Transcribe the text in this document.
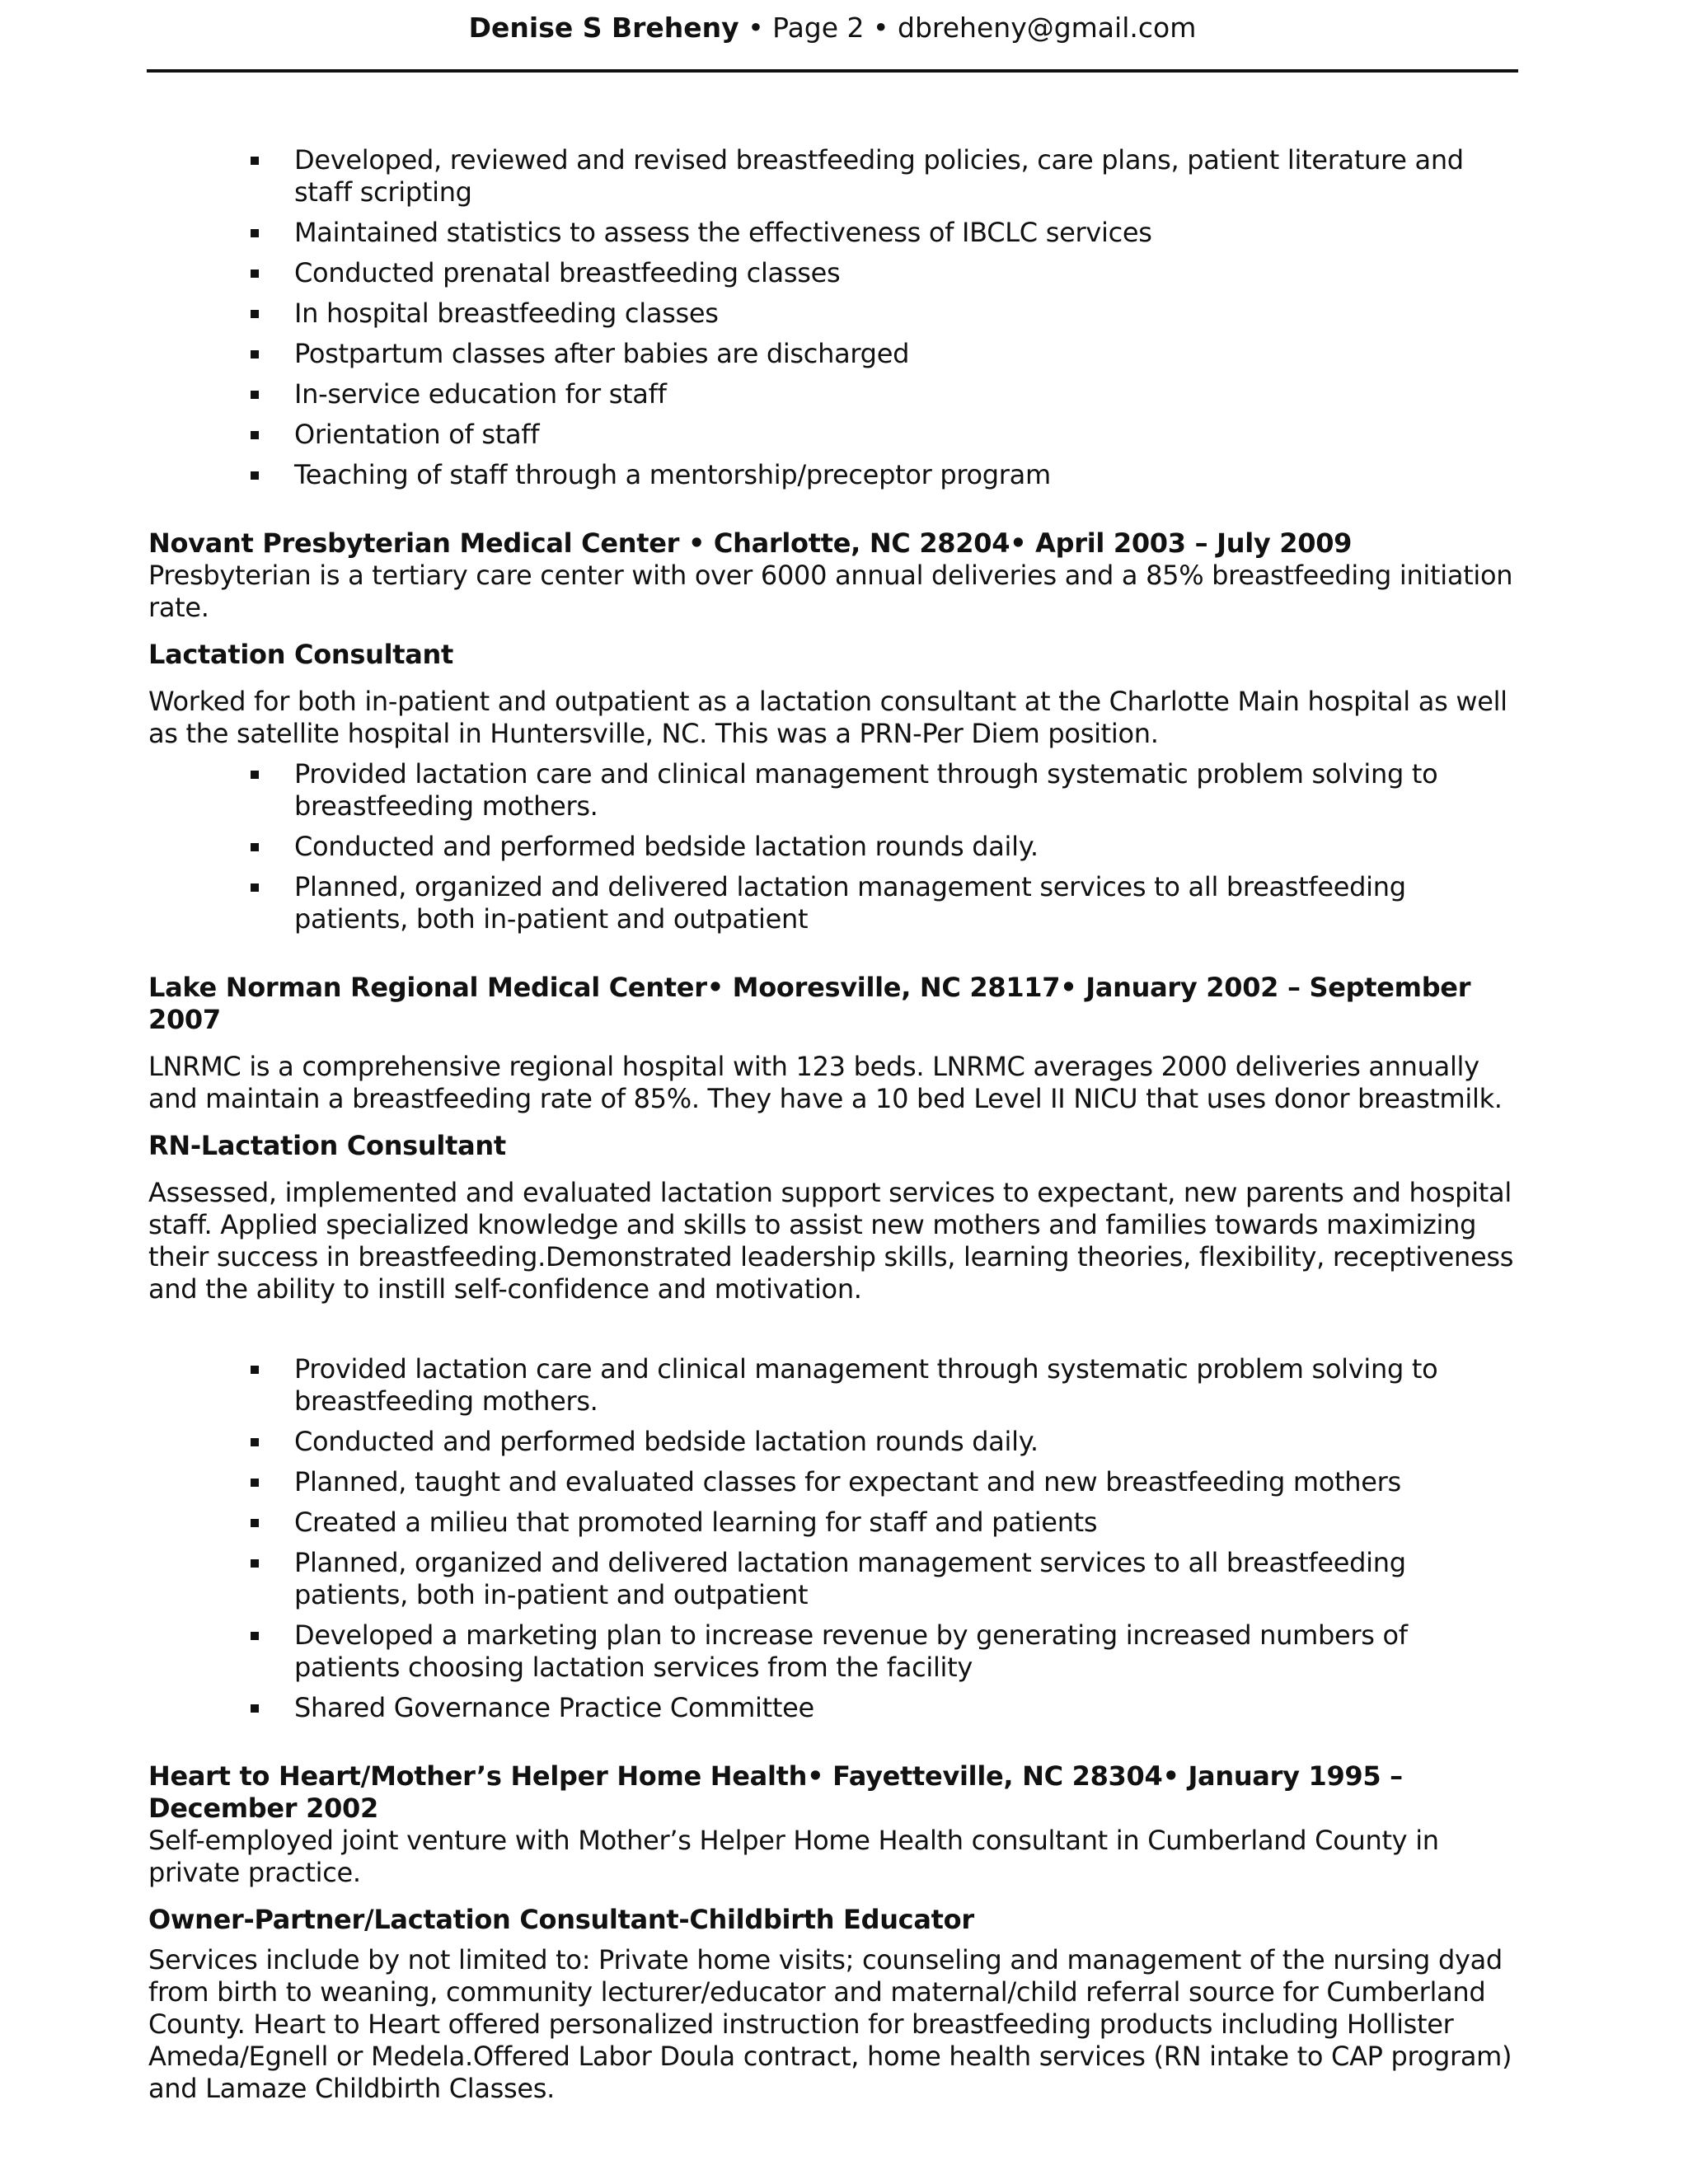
Denise S Breheny • Page 2 • dbreheny@gmail.com
Developed, reviewed and revised breastfeeding policies, care plans, patient literature and staff scripting
Maintained statistics to assess the effectiveness of IBCLC services
Conducted prenatal breastfeeding classes
In hospital breastfeeding classes
Postpartum classes after babies are discharged
In-service education for staff
Orientation of staff
Teaching of staff through a mentorship/preceptor program

Novant Presbyterian Medical Center • Charlotte, NC 28204• April 2003 – July 2009

Presbyterian is a tertiary care center with over 6000 annual deliveries and a 85% breastfeeding initiation rate.

Lactation Consultant

Worked for both in-patient and outpatient as a lactation consultant at the Charlotte Main hospital as well as the satellite hospital in Huntersville, NC. This was a PRN-Per Diem position.

Provided lactation care and clinical management through systematic problem solving to breastfeeding mothers.
Conducted and performed bedside lactation rounds daily.
Planned, organized and delivered lactation management services to all breastfeeding patients, both in-patient and outpatient

Lake Norman Regional Medical Center• Mooresville, NC 28117• January 2002 – September 2007

LNRMC is a comprehensive regional hospital with 123 beds. LNRMC averages 2000 deliveries annually and maintain a breastfeeding rate of 85%. They have a 10 bed Level II NICU that uses donor breastmilk.

RN-Lactation Consultant

Assessed, implemented and evaluated lactation support services to expectant, new parents and hospital staff. Applied specialized knowledge and skills to assist new mothers and families towards maximizing their success in breastfeeding.Demonstrated leadership skills, learning theories, flexibility, receptiveness and the ability to instill self-confidence and motivation.

Provided lactation care and clinical management through systematic problem solving to breastfeeding mothers.
Conducted and performed bedside lactation rounds daily.
Planned, taught and evaluated classes for expectant and new breastfeeding mothers
Created a milieu that promoted learning for staff and patients
Planned, organized and delivered lactation management services to all breastfeeding patients, both in-patient and outpatient
Developed a marketing plan to increase revenue by generating increased numbers of patients choosing lactation services from the facility
Shared Governance Practice Committee

Heart to Heart/Mother’s Helper Home Health• Fayetteville, NC 28304• January 1995 – December 2002

Self-employed joint venture with Mother’s Helper Home Health consultant in Cumberland County in private practice.

Owner-Partner/Lactation Consultant-Childbirth Educator

Services include by not limited to: Private home visits; counseling and management of the nursing dyad from birth to weaning, community lecturer/educator and maternal/child referral source for Cumberland County. Heart to Heart offered personalized instruction for breastfeeding products including Hollister Ameda/Egnell or Medela.Offered Labor Doula contract, home health services (RN intake to CAP program) and Lamaze Childbirth Classes.
